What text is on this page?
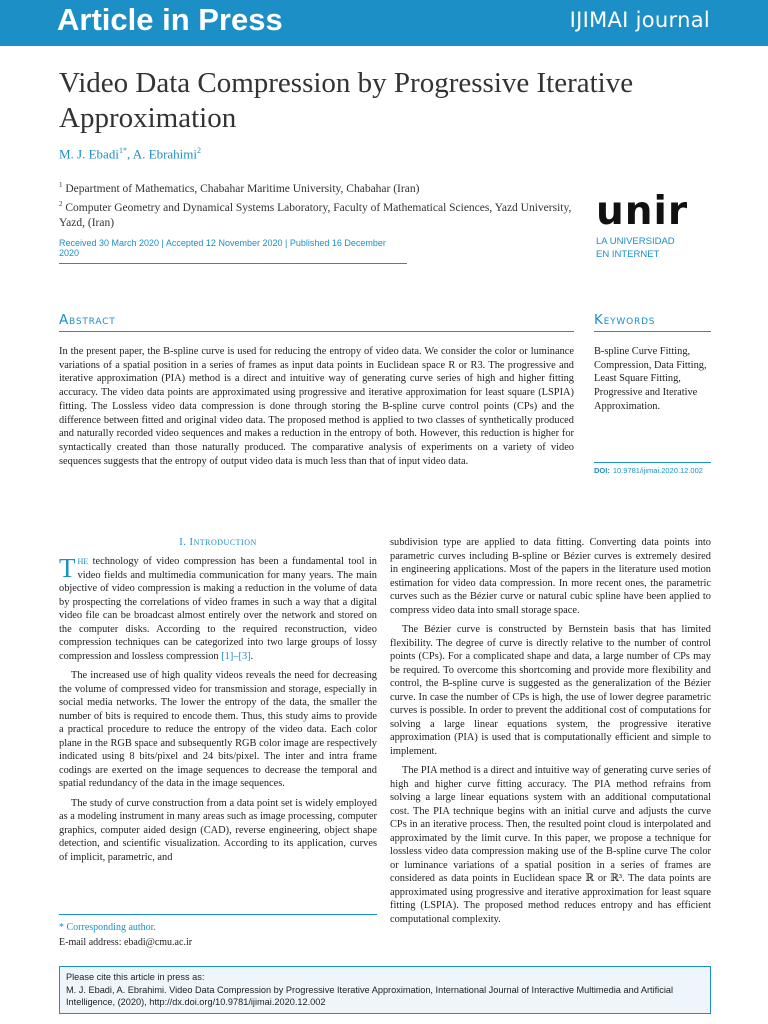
Article in Press	IJIMAI journal
Video Data Compression by Progressive Iterative Approximation
M. J. Ebadi$^{1*}$, A. Ebrahimi$^2$
$^1$ Department of Mathematics, Chabahar Maritime University, Chabahar (Iran)
$^2$ Computer Geometry and Dynamical Systems Laboratory, Faculty of Mathematical Sciences, Yazd University, Yazd, (Iran)
Received 30 March 2020 | Accepted 12 November 2020 | Published 16 December 2020
unir
LA UNIVERSIDAD
EN INTERNET
Abstract	Keywords
In the present paper, the B-spline curve is used for reducing the entropy of video data. We consider the color or luminance variations of a spatial position in a series of frames as input data points in Euclidean space R or R3. The progressive and iterative approximation (PIA) method is a direct and intuitive way of generating curve series of high and higher fitting accuracy. The video data points are approximated using progressive and iterative approximation for least square (LSPIA) fitting. The Lossless video data compression is done through storing the B-spline curve control points (CPs) and the difference between fitted and original video data. The proposed method is applied to two classes of synthetically produced and naturally recorded video sequences and makes a reduction in the entropy of both. However, this reduction is higher for syntactically created than those naturally produced. The comparative analysis of experiments on a variety of video sequences suggests that the entropy of output video data is much less than that of input video data.
B-spline Curve Fitting, Compression, Data Fitting, Least Square Fitting, Progressive and Iterative Approximation.
DOI: 10.9781/ijimai.2020.12.002
I. INTRODUCTION

THE technology of video compression has been a fundamental tool in video fields and multimedia communication for many years. The main objective of video compression is making a reduction in the volume of data by prospecting the correlations of video frames in such a way that a digital video file can be broadcast almost entirely over the network and stored on the computer disks. According to the required reconstruction, video compression techniques can be categorized into two large groups of lossy compression and lossless compression [1]–[3].

The increased use of high quality videos reveals the need for decreasing the volume of compressed video for transmission and storage, especially in social media networks. The lower the entropy of the data, the smaller the number of bits is required to encode them. Thus, this study aims to provide a practical procedure to reduce the entropy of the video data. Each color plane in the RGB space and subsequently RGB color image are respectively indicated using 8 bits/pixel and 24 bits/pixel. The inter and intra frame codings are exerted on the image sequences to decrease the temporal and spatial redundancy of the data in the image sequences.

The study of curve construction from a data point set is widely employed as a modeling instrument in many areas such as image processing, computer graphics, computer aided design (CAD), reverse engineering, object shape detection, and scientific visualization. According to its application, curves of implicit, parametric, and

subdivision type are applied to data fitting. Converting data points into parametric curves including B-spline or Bézier curves is extremely desired in engineering applications. Most of the papers in the literature used motion estimation for video data compression. In more recent ones, the parametric curves such as the Bézier curve or natural cubic spline have been applied to compress video data into small storage space.

The Bézier curve is constructed by Bernstein basis that has limited flexibility. The degree of curve is directly relative to the number of control points (CPs). For a complicated shape and data, a large number of CPs may be required. To overcome this shortcoming and provide more flexibility and control, the B-spline curve is suggested as the generalization of the Bézier curve. In case the number of CPs is high, the use of lower degree parametric curves is possible. In order to prevent the additional cost of computations for solving a large linear equations system, the progressive iterative approximation (PIA) is used that is computationally efficient and simple to implement.

The PIA method is a direct and intuitive way of generating curve series of high and higher curve fitting accuracy. The PIA method refrains from solving a large linear equations system with an additional computational cost. The PIA technique begins with an initial curve and adjusts the curve CPs in an iterative process. Then, the resulted point cloud is interpolated and approximated by the limit curve. In this paper, we propose a technique for lossless video data compression making use of the B-spline curve The color or luminance variations of a spatial position in a series of frames are considered as data points in Euclidean space ℝ or ℝ³. The data points are approximated using progressive and iterative approximation for least square fitting (LSPIA). The proposed method reduces entropy and has efficient computational complexity.

* Corresponding author.
E-mail address: ebadi@cmu.ac.ir
Please cite this article in press as:
M. J. Ebadi, A. Ebrahimi. Video Data Compression by Progressive Iterative Approximation, International Journal of Interactive Multimedia and Artificial Intelligence, (2020), http://dx.doi.org/10.9781/ijimai.2020.12.002
